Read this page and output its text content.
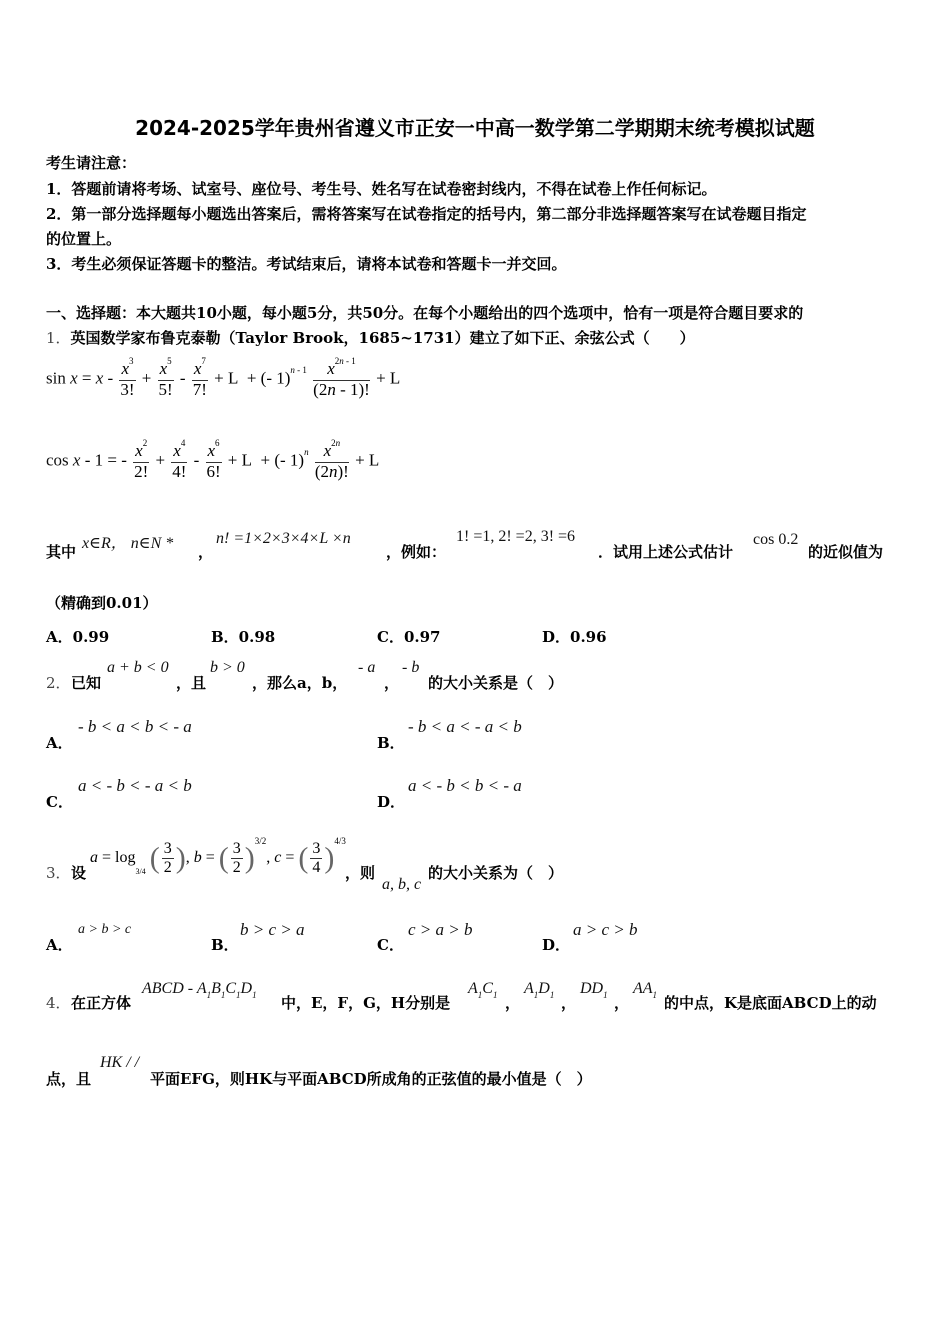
2024-2025学年贵州省遵义市正安一中高一数学第二学期期末统考模拟试题
考生请注意：
1．答题前请将考场、试室号、座位号、考生号、姓名写在试卷密封线内，不得在试卷上作任何标记。
2．第一部分选择题每小题选出答案后，需将答案写在试卷指定的括号内，第二部分非选择题答案写在试卷题目指定
的位置上。
3．考生必须保证答题卡的整洁。考试结束后，请将本试卷和答题卡一并交回。
一、选择题：本大题共10小题，每小题5分，共50分。在每个小题给出的四个选项中，恰有一项是符合题目要求的
1．英国数学家布鲁克泰勒（Taylor Brook，1685~1731）建立了如下正、余弦公式（　　）
$\sin x = x - \frac{x^3}{3!} + \frac{x^5}{5!} - \frac{x^7}{7!} + L$  + (- $1)^{n - 1} \frac{x^{2n - 1}}{(2n - 1)!} + L$
cos x - 1 = - $\frac{x^2}{2!} + \frac{x^4}{4!} - \frac{x^6}{6!} + L$  + (- $1)^n \frac{x^{2n}}{(2n)!} + L$
其中 x∈R， n∈N * ，
n! =1×2×3×4×L ×n
，例如：
1! =1, 2! =2, 3! =6
．试用上述公式估计
cos 0.2
的近似值为
（精确到0.01）
A．0.99	B．0.98	C．0.97	D．0.96
2． 已知
a + b < 0
，且
b > 0
，那么a，b，
- a
，
- b
的大小关系是（　）
A．
- b < a < b < - a
B．
- b < a < - a < b
C．
a < - b < - a < b
D．
a < - b < b < - a
3． 设
$a = \log_{3/4}$ ( $\frac{3}{2}$ ), b = ( $\frac{3}{2} )^{3/2}$, c = ( $\frac{3}{4} )^{4/3}$
，则
a, b, c
的大小关系为（　）
A．
a > b > c
B．
b > c > a
C．
c > a > b
D．
a > c > b
4． 在正方体
ABCD - $A_1B_1C_1D_1$ 中，E，F，G，H分别是
$A_1C_1$ ，
$A_1D_1$ ，
$DD_1$ ，
$AA_1$ 的中点，K是底面ABCD上的动
点，且
HK / /
平面EFG，则HK与平面ABCD所成角的正弦值的最小值是（　）
